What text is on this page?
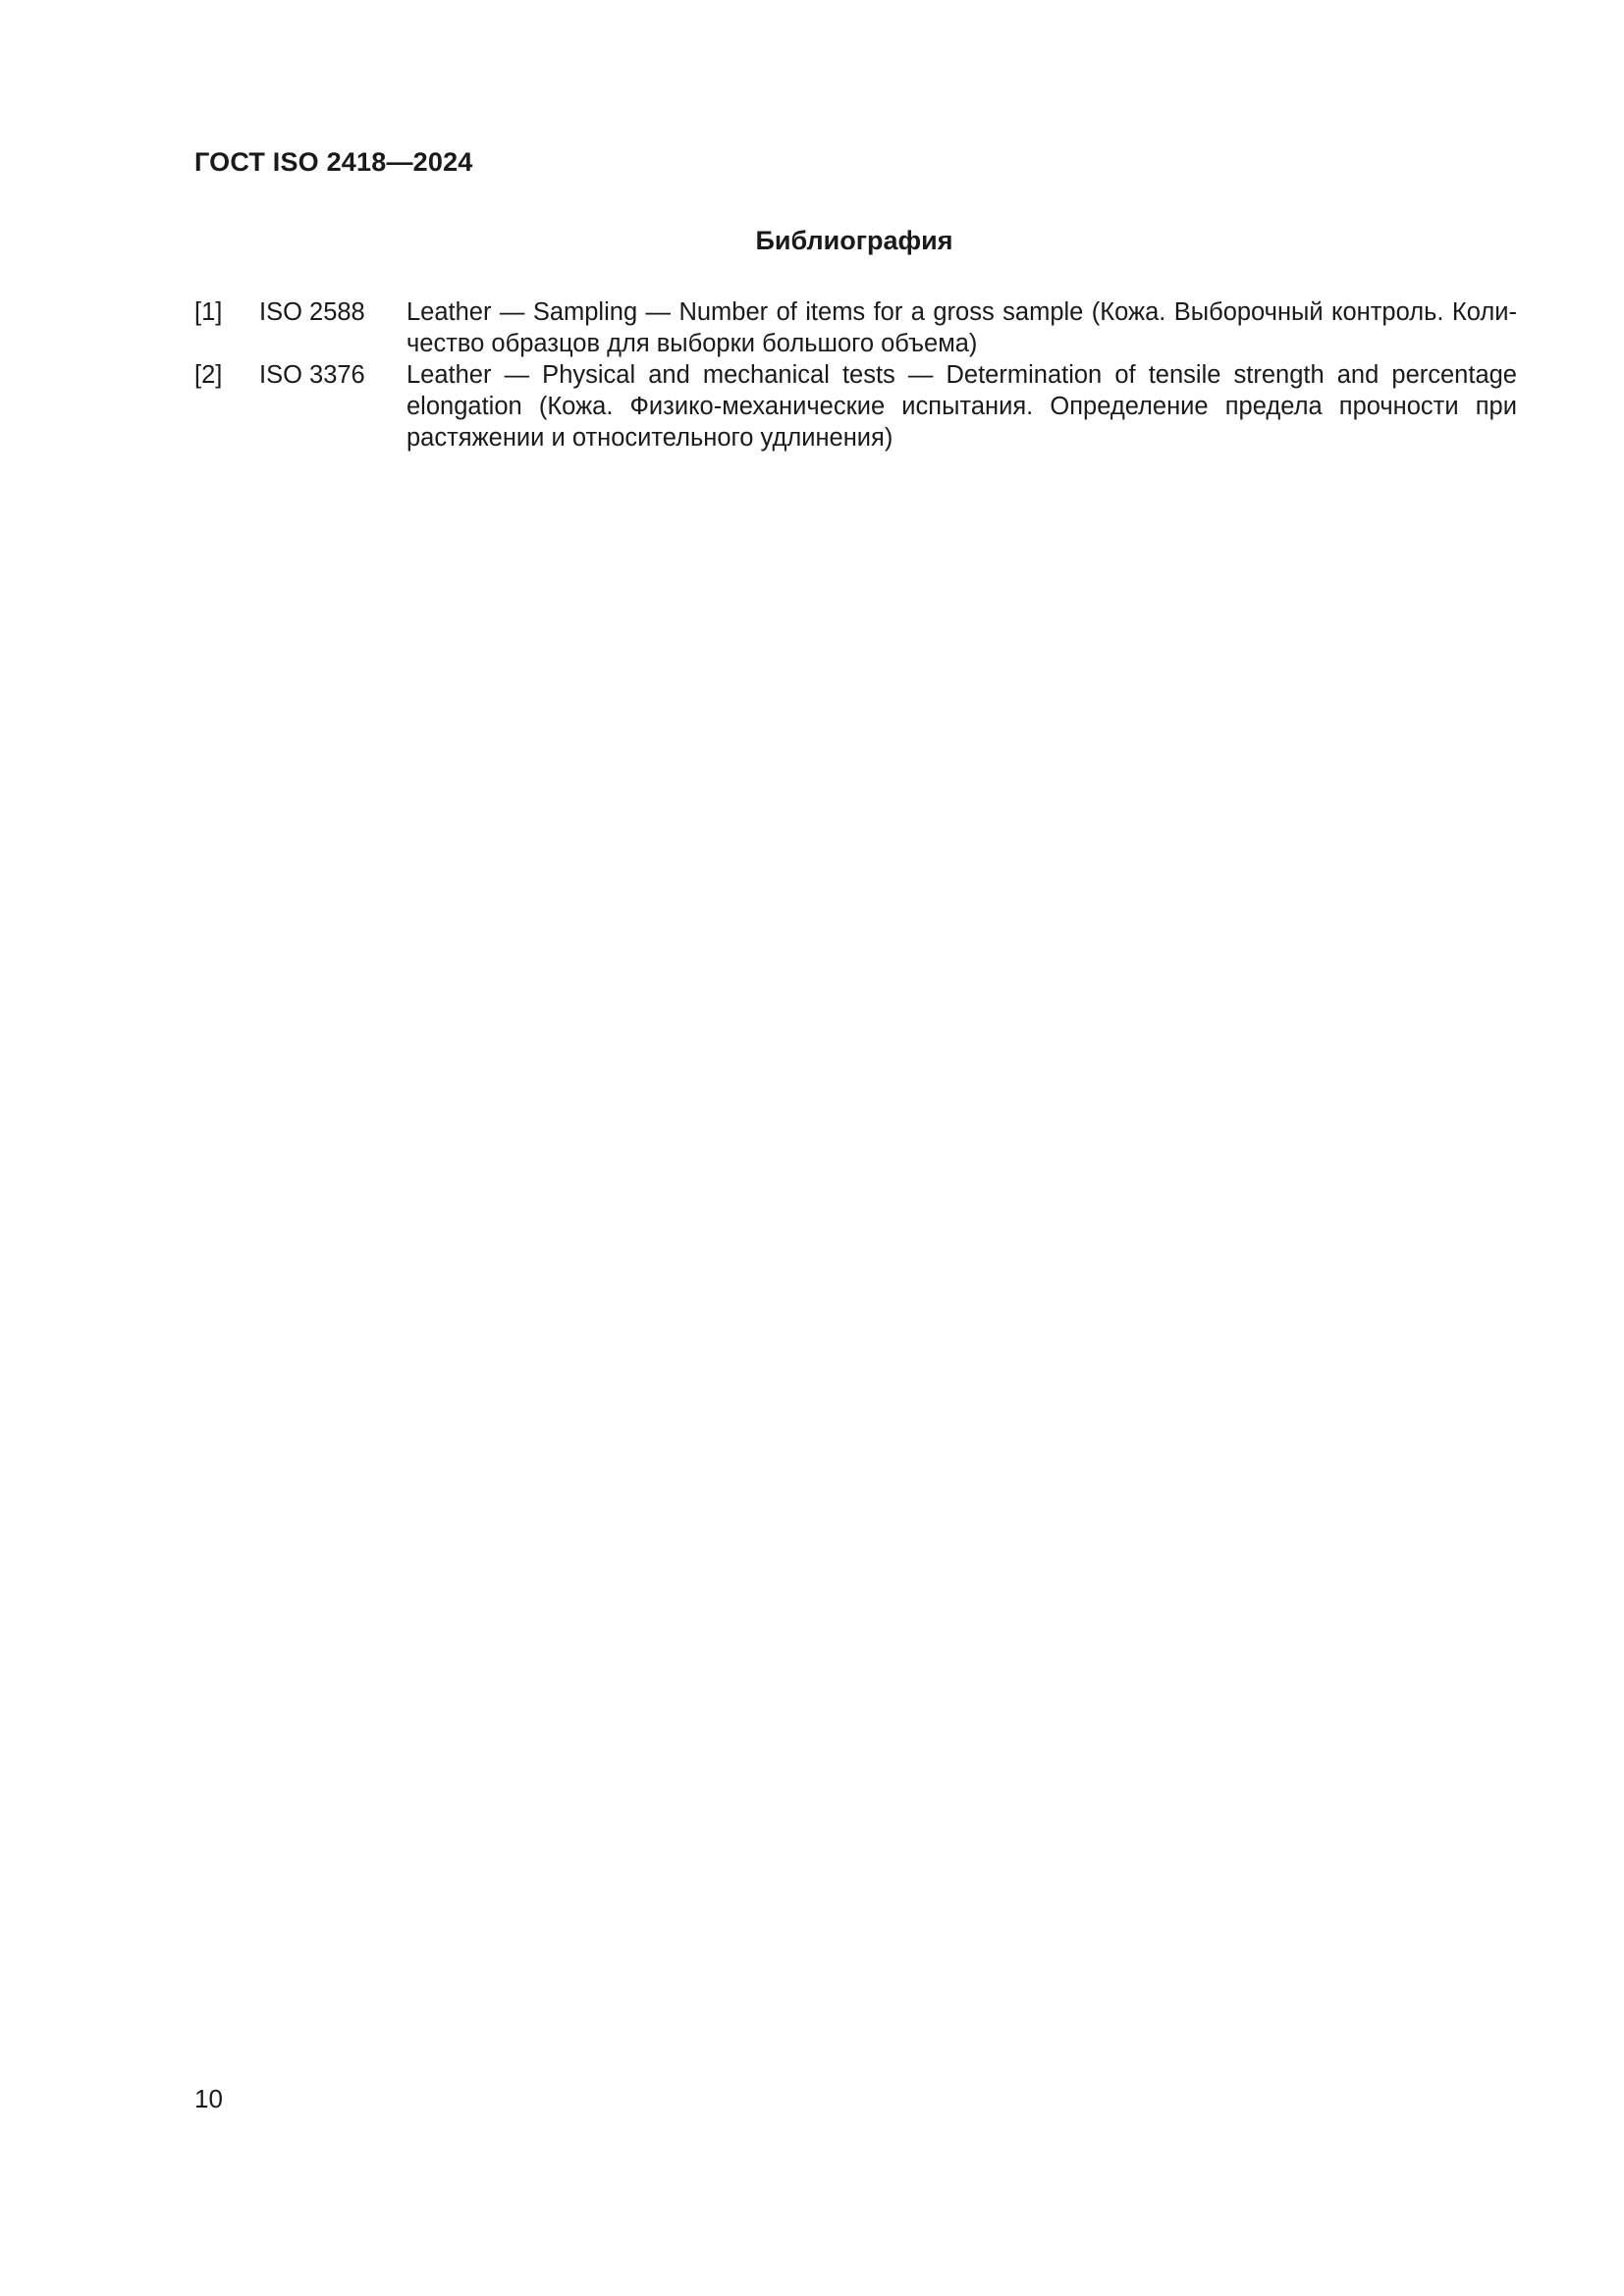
ГОСТ ISO 2418—2024
Библиография
[1] ISO 2588 Leather — Sampling — Number of items for a gross sample (Кожа. Выборочный контроль. Количество образцов для выборки большого объема)
[2] ISO 3376 Leather — Physical and mechanical tests — Determination of tensile strength and percentage elongation (Кожа. Физико-механические испытания. Определение предела прочности при растяжении и относительного удлинения)
10
